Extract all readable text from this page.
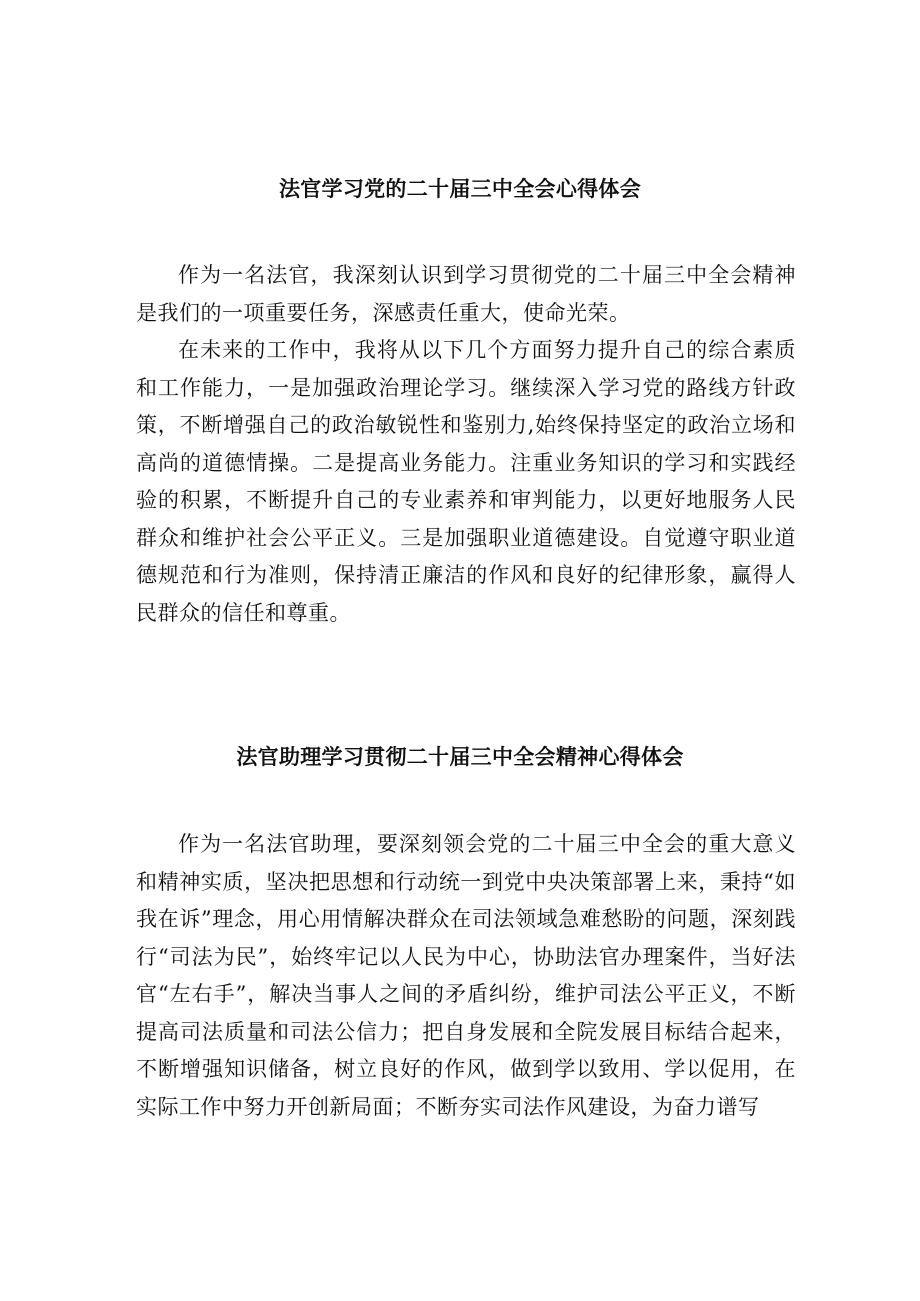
法官学习党的二十届三中全会心得体会

作为一名法官，我深刻认识到学习贯彻党的二十届三中全会精神是我们的一项重要任务，深感责任重大，使命光荣。

在未来的工作中，我将从以下几个方面努力提升自己的综合素质和工作能力，一是加强政治理论学习。继续深入学习党的路线方针政策，不断增强自己的政治敏锐性和鉴别力,始终保持坚定的政治立场和高尚的道德情操。二是提高业务能力。注重业务知识的学习和实践经验的积累，不断提升自己的专业素养和审判能力，以更好地服务人民群众和维护社会公平正义。三是加强职业道德建设。自觉遵守职业道德规范和行为准则，保持清正廉洁的作风和良好的纪律形象，赢得人民群众的信任和尊重。

法官助理学习贯彻二十届三中全会精神心得体会

作为一名法官助理，要深刻领会党的二十届三中全会的重大意义和精神实质，坚决把思想和行动统一到党中央决策部署上来，秉持“如我在诉”理念，用心用情解决群众在司法领域急难愁盼的问题，深刻践行“司法为民”，始终牢记以人民为中心，协助法官办理案件，当好法官“左右手”，解决当事人之间的矛盾纠纷，维护司法公平正义，不断提高司法质量和司法公信力；把自身发展和全院发展目标结合起来，不断增强知识储备，树立良好的作风，做到学以致用、学以促用，在实际工作中努力开创新局面；不断夯实司法作风建设，为奋力谱写
